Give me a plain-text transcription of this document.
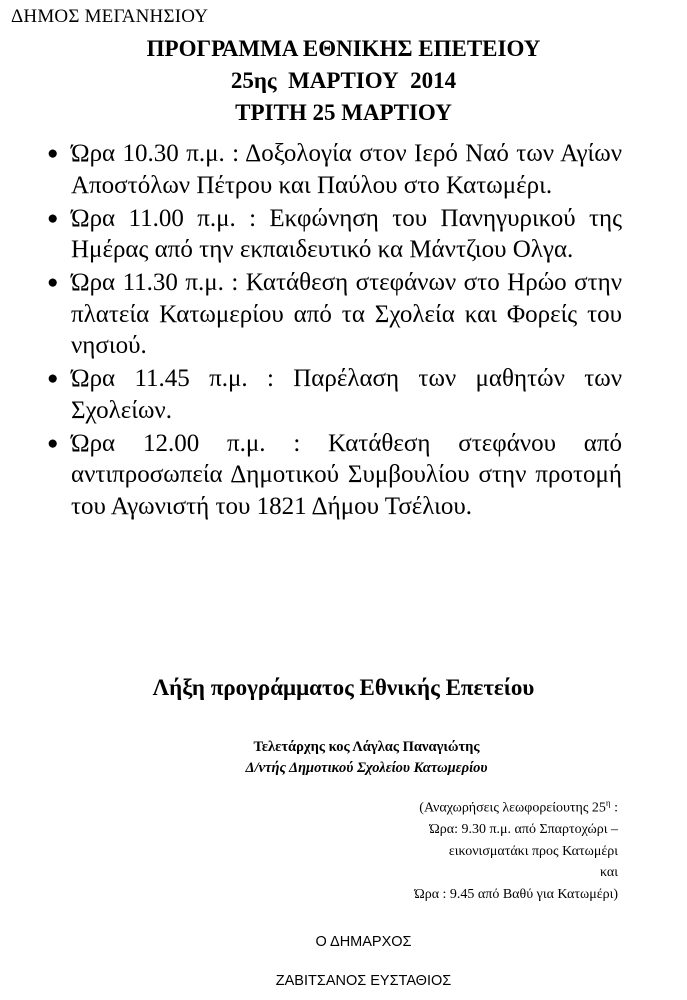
ΔΗΜΟΣ ΜΕΓΑΝΗΣΙΟΥ
ΠΡΟΓΡΑΜΜΑ ΕΘΝΙΚΗΣ ΕΠΕΤΕΙΟΥ
25ης  ΜΑΡΤΙΟΥ  2014
ΤΡΙΤΗ 25 ΜΑΡΤΙΟΥ
● Ώρα 10.30 π.μ. : Δοξολογία στον Ιερό Ναό των Αγίων Αποστόλων Πέτρου και Παύλου στο Κατωμέρι.
● Ώρα 11.00 π.μ. : Εκφώνηση του Πανηγυρικού της Ημέρας από την εκπαιδευτικό κα Μάντζιου Ολγα.
● Ώρα 11.30 π.μ. : Κατάθεση στεφάνων στο Ηρώο στην πλατεία Κατωμερίου από τα Σχολεία και Φορείς του νησιού.
● Ώρα 11.45 π.μ. : Παρέλαση των μαθητών των Σχολείων.
● Ώρα 12.00 π.μ. : Κατάθεση στεφάνου από αντιπροσωπεία Δημοτικού Συμβουλίου στην προτομή του Αγωνιστή του 1821 Δήμου Τσέλιου.
Λήξη προγράμματος Εθνικής Επετείου
Τελετάρχης κος Λάγλας Παναγιώτης
Δ/ντής Δημοτικού Σχολείου Κατωμερίου
(Αναχωρήσεις λεωφορείουτης $25^\eta$ :
Ώρα: 9.30 π.μ. από Σπαρτοχώρι –
εικονισματάκι προς Κατωμέρι
και
Ώρα : 9.45 από Βαθύ για Κατωμέρι)
Ο ΔΗΜΑΡΧΟΣ
ΖΑΒΙΤΣΑΝΟΣ ΕΥΣΤΑΘΙΟΣ
